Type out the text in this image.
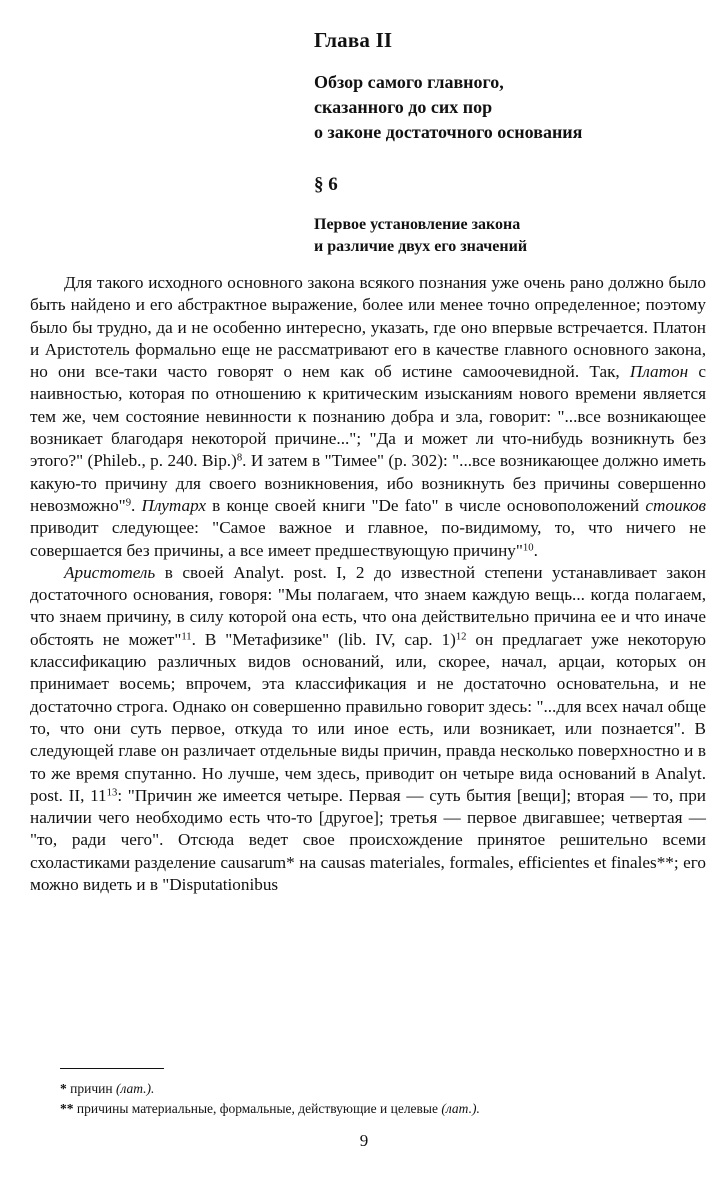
Глава II
Обзор самого главного,
сказанного до сих пор
о законе достаточного основания
§ 6
Первое установление закона
и различие двух его значений

Для такого исходного основного закона всякого познания уже очень рано должно было быть найдено и его абстрактное выражение, более или менее точно определенное; поэтому было бы трудно, да и не особенно интересно, указать, где оно впервые встречается. Платон и Аристотель формально еще не рассматривают его в качестве главного основного закона, но они все-таки часто говорят о нем как об истине самоочевидной. Так, Платон с наивностью, которая по отношению к критическим изысканиям нового времени является тем же, чем состояние невинности к познанию добра и зла, говорит: "...все возникающее возникает благодаря некоторой причине..."; "Да и может ли что-нибудь возникнуть без этого?" (Phileb., p. 240. Bip.)$^8$. И затем в "Тимее" (p. 302): "...все возникающее должно иметь какую-то причину для своего возникновения, ибо возникнуть без причины совершенно невозможно"$^9$. Плутарх в конце своей книги "De fato" в числе основоположений стоиков приводит следующее: "Самое важное и главное, по-видимому, то, что ничего не совершается без причины, а все имеет предшествующую причину"$^{10}$.

Аристотель в своей Analyt. post. I, 2 до известной степени устанавливает закон достаточного основания, говоря: "Мы полагаем, что знаем каждую вещь... когда полагаем, что знаем причину, в силу которой она есть, что она действительно причина ее и что иначе обстоять не может"$^{11}$. В "Метафизике" (lib. IV, cap. 1)$^{12}$ он предлагает уже некоторую классификацию различных видов оснований, или, скорее, начал, арцаи, которых он принимает восемь; впрочем, эта классификация и не достаточно основательна, и не достаточно строга. Однако он совершенно правильно говорит здесь: "...для всех начал обще то, что они суть первое, откуда то или иное есть, или возникает, или познается". В следующей главе он различает отдельные виды причин, правда несколько поверхностно и в то же время спутанно. Но лучше, чем здесь, приводит он четыре вида оснований в Analyt. post. II, $11^{13}$: "Причин же имеется четыре. Первая — суть бытия [вещи]; вторая — то, при наличии чего необходимо есть что-то [другое]; третья — первое двигавшее; четвертая — "то, ради чего". Отсюда ведет свое происхождение принятое решительно всеми схоластиками разделение causarum* на causas materiales, formales, efficientes et finales**; его можно видеть и в "Disputationibus

* причин (лат.).
** причины материальные, формальные, действующие и целевые (лат.).
9
